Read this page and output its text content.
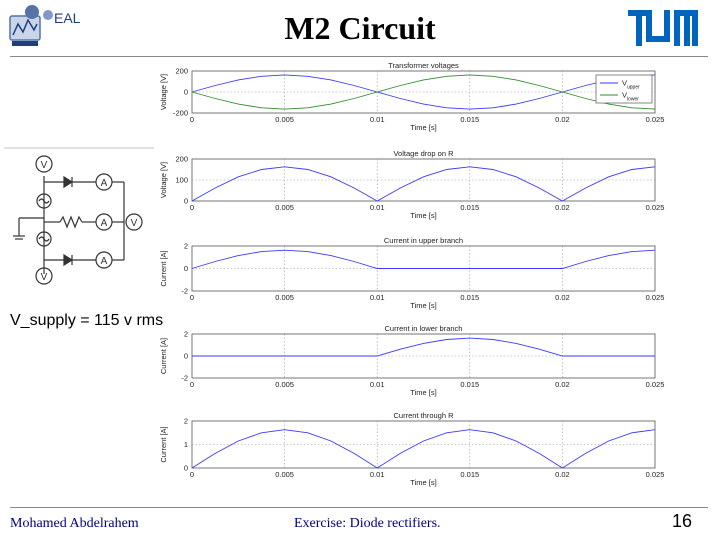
EAL	M2 Circuit
V
V
A
A
A
V
V_supply = 115 v rms
Transformer voltages
0	0.005	0.01	0.015	0.02	0.025
-200
0
200
Voltage [V]
Time [s]
V upper
V lower
Voltage drop on R
0	0.005	0.01	0.015	0.02	0.025
0
100
200
Voltage [V]
Time [s]
Current in upper branch
0	0.005	0.01	0.015	0.02	0.025
-2
0
2
Current [A]
Time [s]
Current in lower branch
0	0.005	0.01	0.015	0.02	0.025
-2
0
2
Current [A]
Time [s]
Current through R
0	0.005	0.01	0.015	0.02	0.025
0
1
2
Current [A]
Time [s]
Mohamed Abdelrahem	Exercise: Diode rectifiers.	16
